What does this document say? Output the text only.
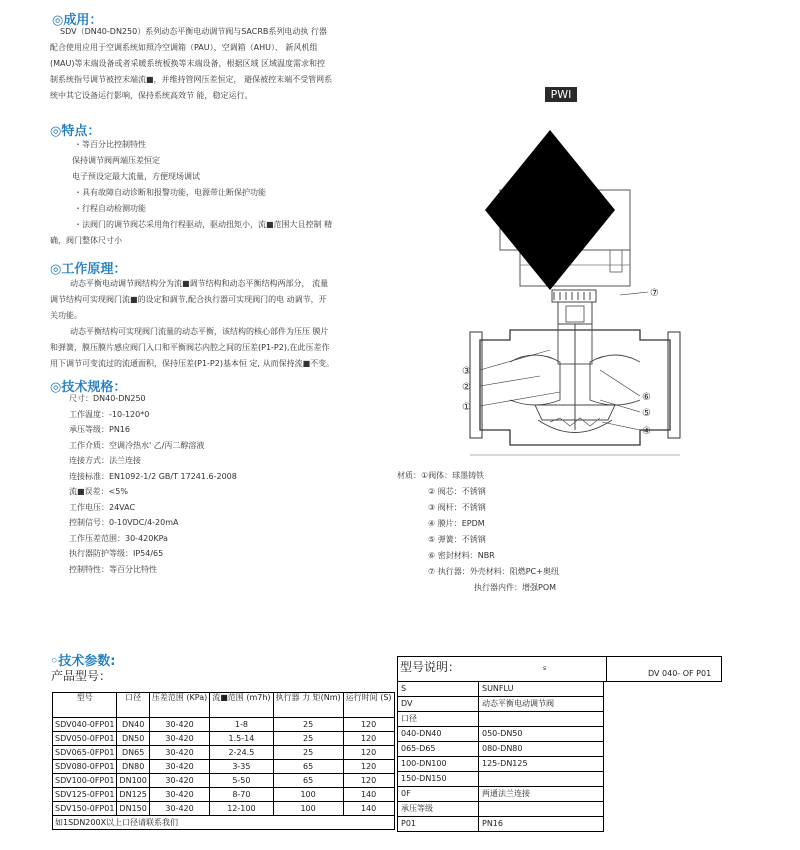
◎成用：
SDV（DN40-DN250）系列动态平衡电动调节阀与SACRB系列电动执 行器
配合使用应用于空调系统如照冷空调箱（PAU）、空调箱（AHU）、 新风机组
(MAU)等末端设备或者采暖系统板换等末端设备，根据区域 区域温度需求和控
制系统指号调节被控末端流■，并维持管网压差恒定， 避保被控末端不受管网系
统中其它设备运行影响，保持系统高效节 能，稳定运行。
◎特点：
・等百分比控制特性
保持调节阀两端压差恒定
电子预设定最大流量，方便现场调试
・具有故障自动诊断和报警功能，电源带让断保护功能
・行程自动检测功能
・法阀门的调节阀芯采用角行程驱动，驱动扭矩小，流■范围大且控制 精
确，阀门整体尺寸小
◎工作原理：
动态平衡电动调节阀结构分为流■调节结构和动态平衡结构两部分， 流量
调节结构可实现阀门流■的设定和调节,配合执行器可实现阀门的电 动调节，开
关功能。
动态平衡结构可实现阀门流量的动态平衡，该结构的核心部件为压压 膜片
和弹簧，膜压膜片感应阀门入口和平衡阀芯内腔之间的压差(P1-P2),在此压差作
用下调节可变流过的流通面积，保持压差(P1-P2)基本恒 定, 从而保持流■不变。
◎技术规格：
尺寸：DN40-DN250
工作温度：-10-120*0
承压等级：PN16
工作介质：空调冷热水' 乙/丙二醇溶液
连接方式：法兰连接
连接标准：EN1092-1/2 GB/T 17241.6-2008
流■误差：<5%
工作电压：24VAC
控制信号：0-10VDC/4-20mA
工作压差范围：30-420KPa
执行器防护等级：IP54/65
控制特性：等百分比特性
PWI
⑦
③
②
①
⑥
⑤
④
材质：①阀体：球墨铸铁
② 阀芯：不锈钢
③ 阀杆：不锈钢
④ 膜片：EPDM
⑤ 弹簧：不锈钢
⑥ 密封材料：NBR
⑦ 执行器：外壳材料：阻燃PC+奥纽
执行器内件：增强POM
◦技术参数:
产品型号：
型号	口径	压差范围 (KPa)	流■范围 (m7h)	执行器 力 矩(Nm)	运行时间 (S)
SDV040-0FP01	DN40	30-420	1-8	25	120
SDV050-0FP01	DN50	30-420	1.5-14	25	120
SDV065-0FP01	DN65	30-420	2-24.5	25	120
SDV080-0FP01	DN80	30-420	3-35	65	120
SDV100-0FP01	DN100	30-420	5-50	65	120
SDV125-0FP01	DN125	30-420	8-70	100	140
SDV150-0FP01	DN150	30-420	12-100	100	140
如1SDN200X以上口径请联系我们					
型号说明：	s
DV 040- OF P01
S	SUNFLU	
DV	动态平衡电动调节阀	
口径		
040-DN40	050-DN50	
065-D65	080-DN80	
100-DN100	125-DN125	
150-DN150		
0F	两通法兰连接	
承压等级		
P01	PN16	
